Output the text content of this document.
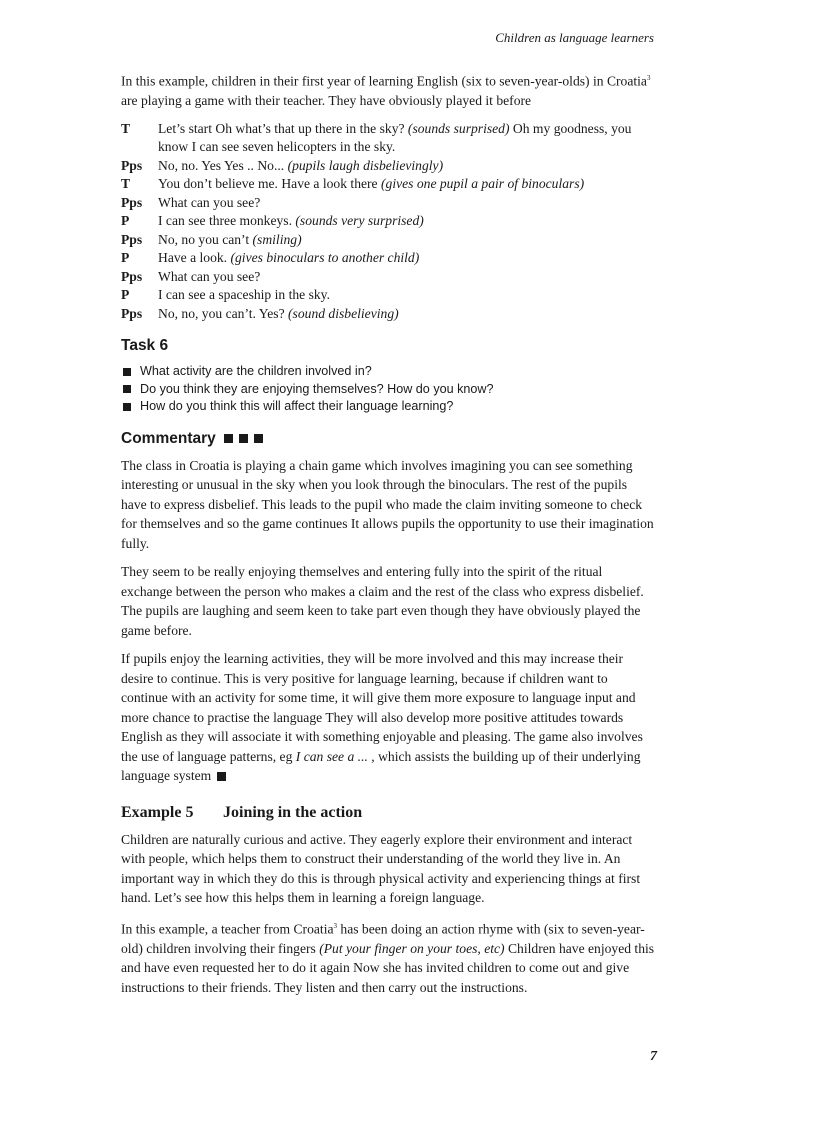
Children as language learners

In this example, children in their first year of learning English (six to seven-year-olds) in Croatia$^3$ are playing a game with their teacher. They have obviously played it before

T	Let’s start Oh what’s that up there in the sky? (sounds surprised) Oh my goodness, you know I can see seven helicopters in the sky.
Pps	No, no. Yes Yes .. No... (pupils laugh disbelievingly)
T	You don’t believe me. Have a look there (gives one pupil a pair of binoculars)
Pps	What can you see?
P	I can see three monkeys. (sounds very surprised)
Pps	No, no you can’t (smiling)
P	Have a look. (gives binoculars to another child)
Pps	What can you see?
P	I can see a spaceship in the sky.
Pps	No, no, you can’t. Yes? (sound disbelieving)
Task 6
What activity are the children involved in?
Do you think they are enjoying themselves? How do you know?
How do you think this will affect their language learning?
Commentary

The class in Croatia is playing a chain game which involves imagining you can see something interesting or unusual in the sky when you look through the binoculars. The rest of the pupils have to express disbelief. This leads to the pupil who made the claim inviting someone to check for themselves and so the game continues It allows pupils the opportunity to use their imagination fully.

They seem to be really enjoying themselves and entering fully into the spirit of the ritual exchange between the person who makes a claim and the rest of the class who express disbelief. The pupils are laughing and seem keen to take part even though they have obviously played the game before.

If pupils enjoy the learning activities, they will be more involved and this may increase their desire to continue. This is very positive for language learning, because if children want to continue with an activity for some time, it will give them more exposure to language input and more chance to practise the language They will also develop more positive attitudes towards English as they will associate it with something enjoyable and pleasing. The game also involves the use of language patterns, eg I can see a ... , which assists the building up of their underlying language system

Example 5 Joining in the action

Children are naturally curious and active. They eagerly explore their environment and interact with people, which helps them to construct their understanding of the world they live in. An important way in which they do this is through physical activity and experiencing things at first hand. Let’s see how this helps them in learning a foreign language.

In this example, a teacher from Croatia$^3$ has been doing an action rhyme with (six to seven-year-old) children involving their fingers (Put your finger on your toes, etc) Children have enjoyed this and have even requested her to do it again Now she has invited children to come out and give instructions to their friends. They listen and then carry out the instructions.

7
